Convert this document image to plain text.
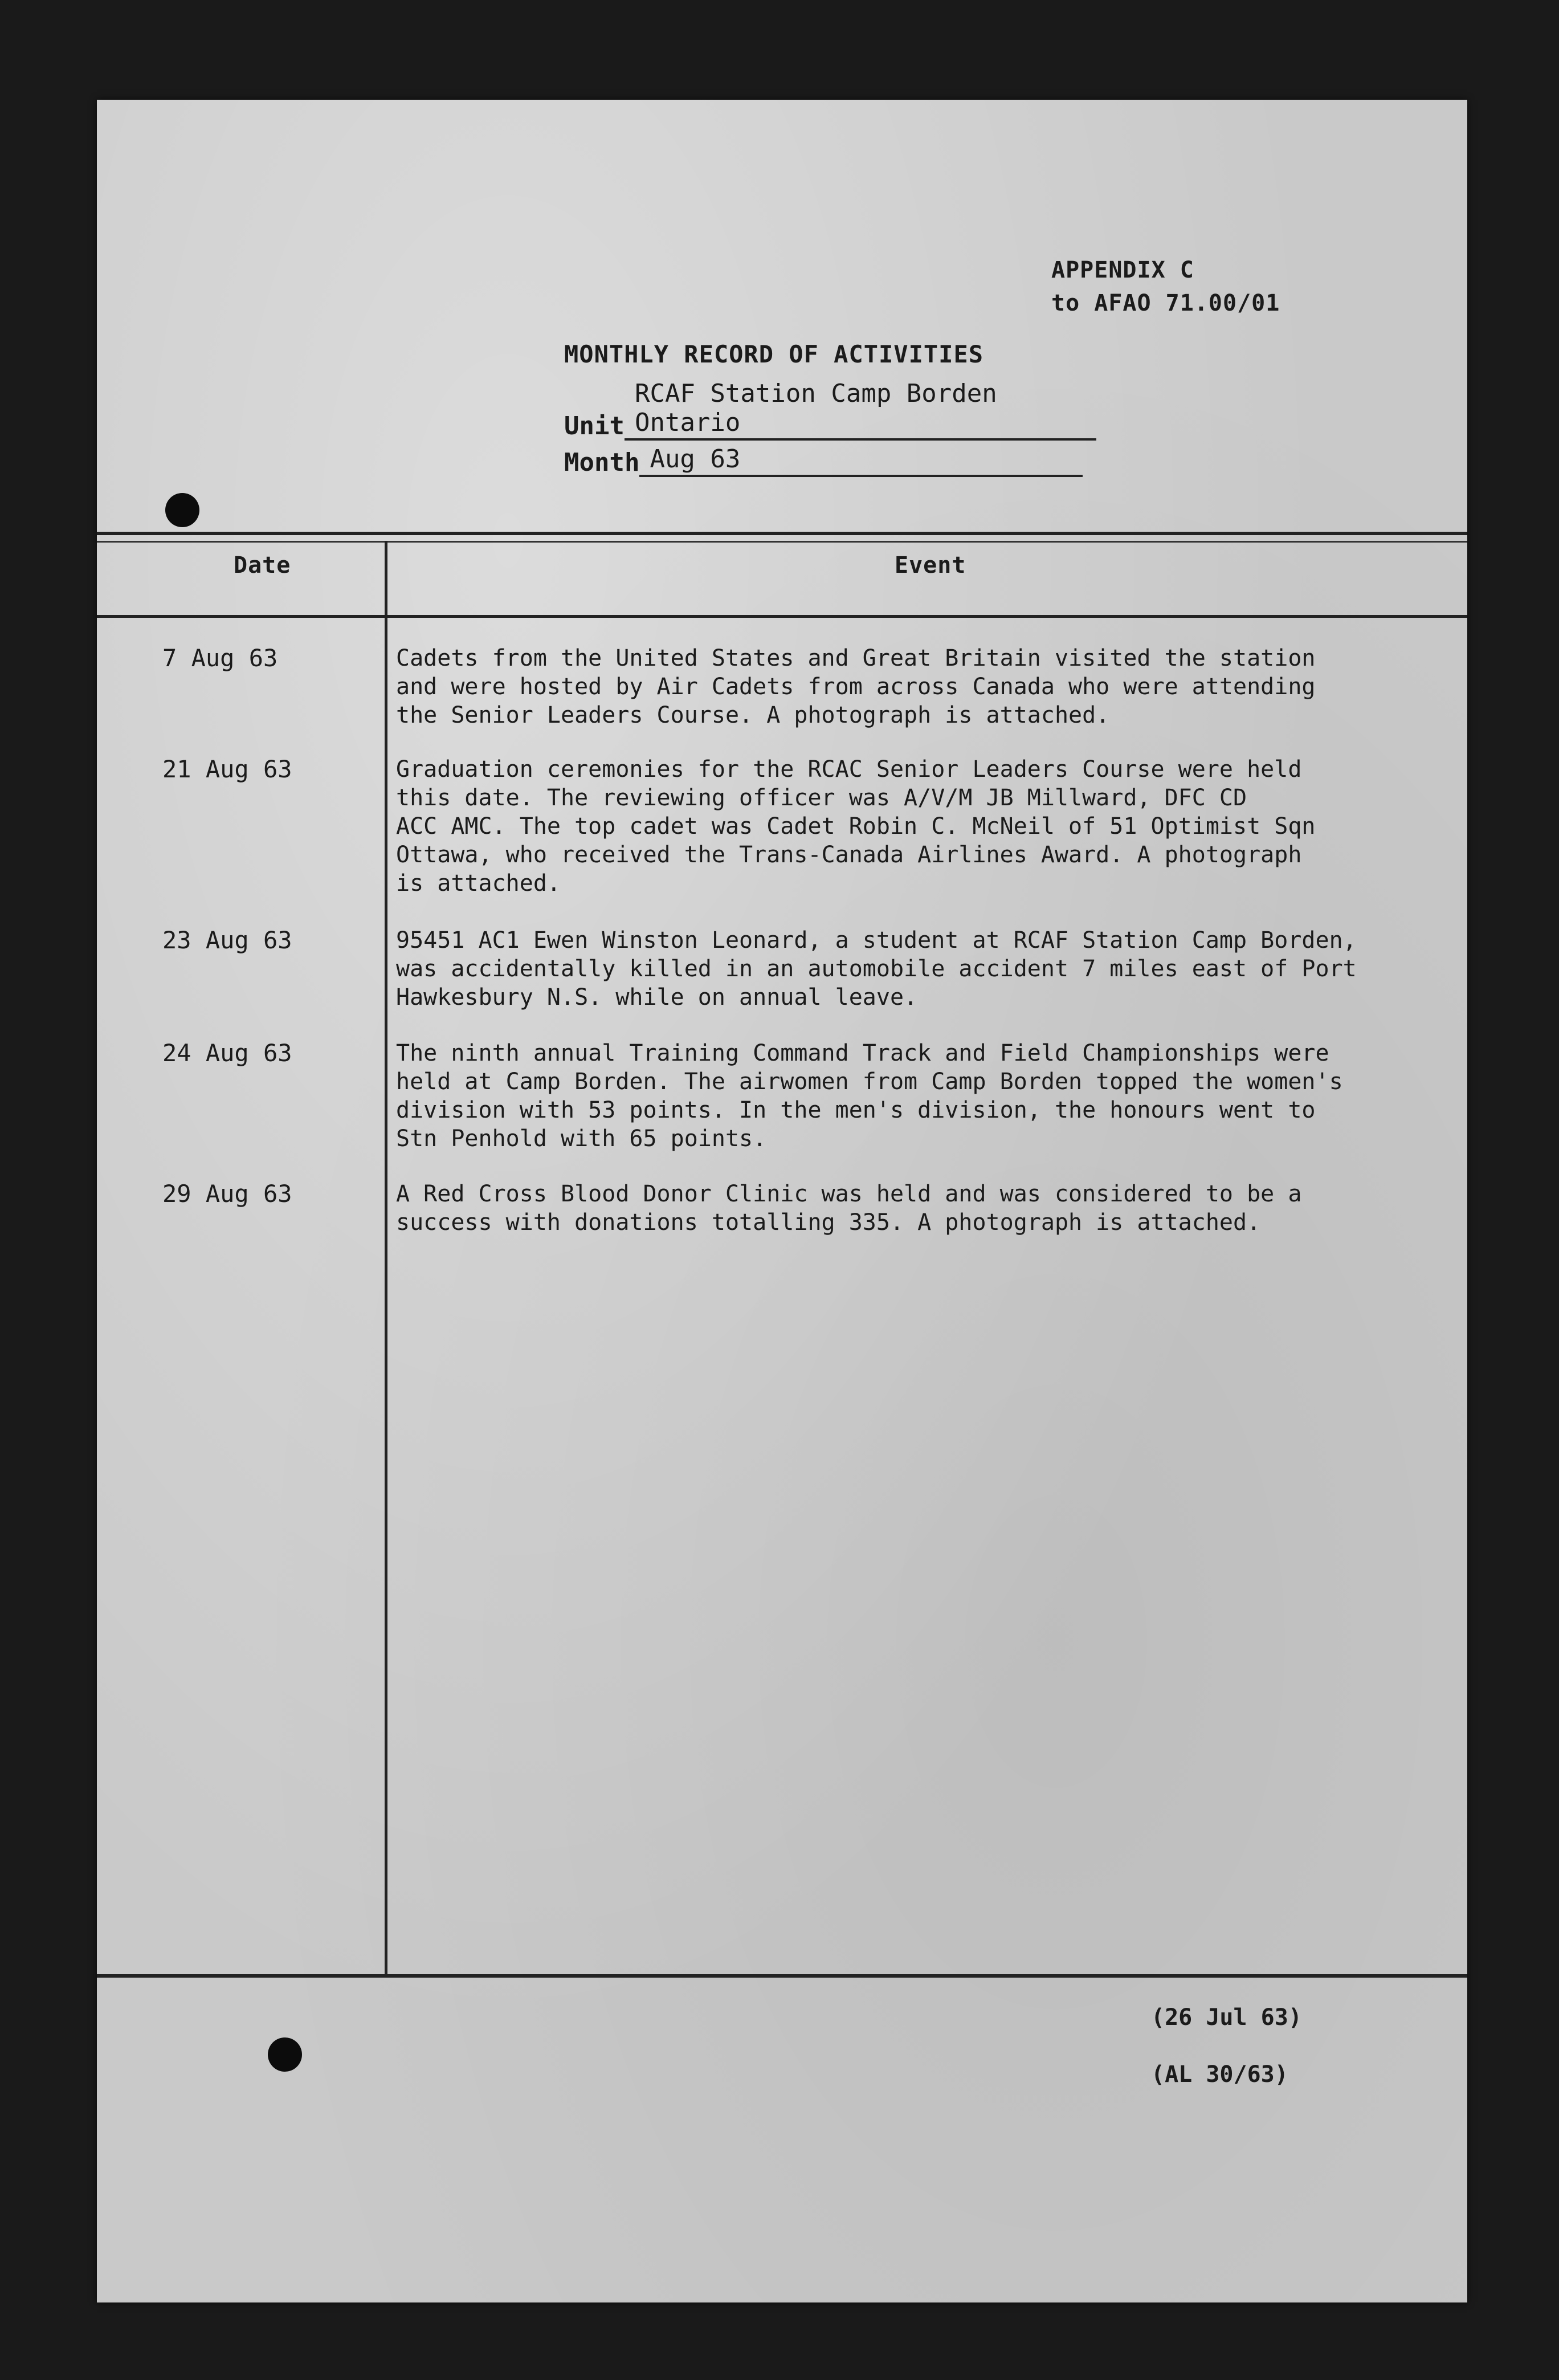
APPENDIX C
to AFAO 71.00/01
MONTHLY RECORD OF ACTIVITIES
UnitRCAF Station Camp Borden Ontario
Month Aug 63
Date	Event
7 Aug 63	Cadets from the United States and Great Britain visited the station
and were hosted by Air Cadets from across Canada who were attending
the Senior Leaders Course. A photograph is attached.
21 Aug 63	Graduation ceremonies for the RCAC Senior Leaders Course were held
this date. The reviewing officer was A/V/M JB Millward, DFC CD
ACC AMC. The top cadet was Cadet Robin C. McNeil of 51 Optimist Sqn
Ottawa, who received the Trans-Canada Airlines Award. A photograph
is attached.
23 Aug 63	95451 AC1 Ewen Winston Leonard, a student at RCAF Station Camp Borden,
was accidentally killed in an automobile accident 7 miles east of Port
Hawkesbury N.S. while on annual leave.
24 Aug 63	The ninth annual Training Command Track and Field Championships were
held at Camp Borden. The airwomen from Camp Borden topped the women's
division with 53 points. In the men's division, the honours went to
Stn Penhold with 65 points.
29 Aug 63	A Red Cross Blood Donor Clinic was held and was considered to be a
success with donations totalling 335. A photograph is attached.
(26 Jul 63)
(AL 30/63)
